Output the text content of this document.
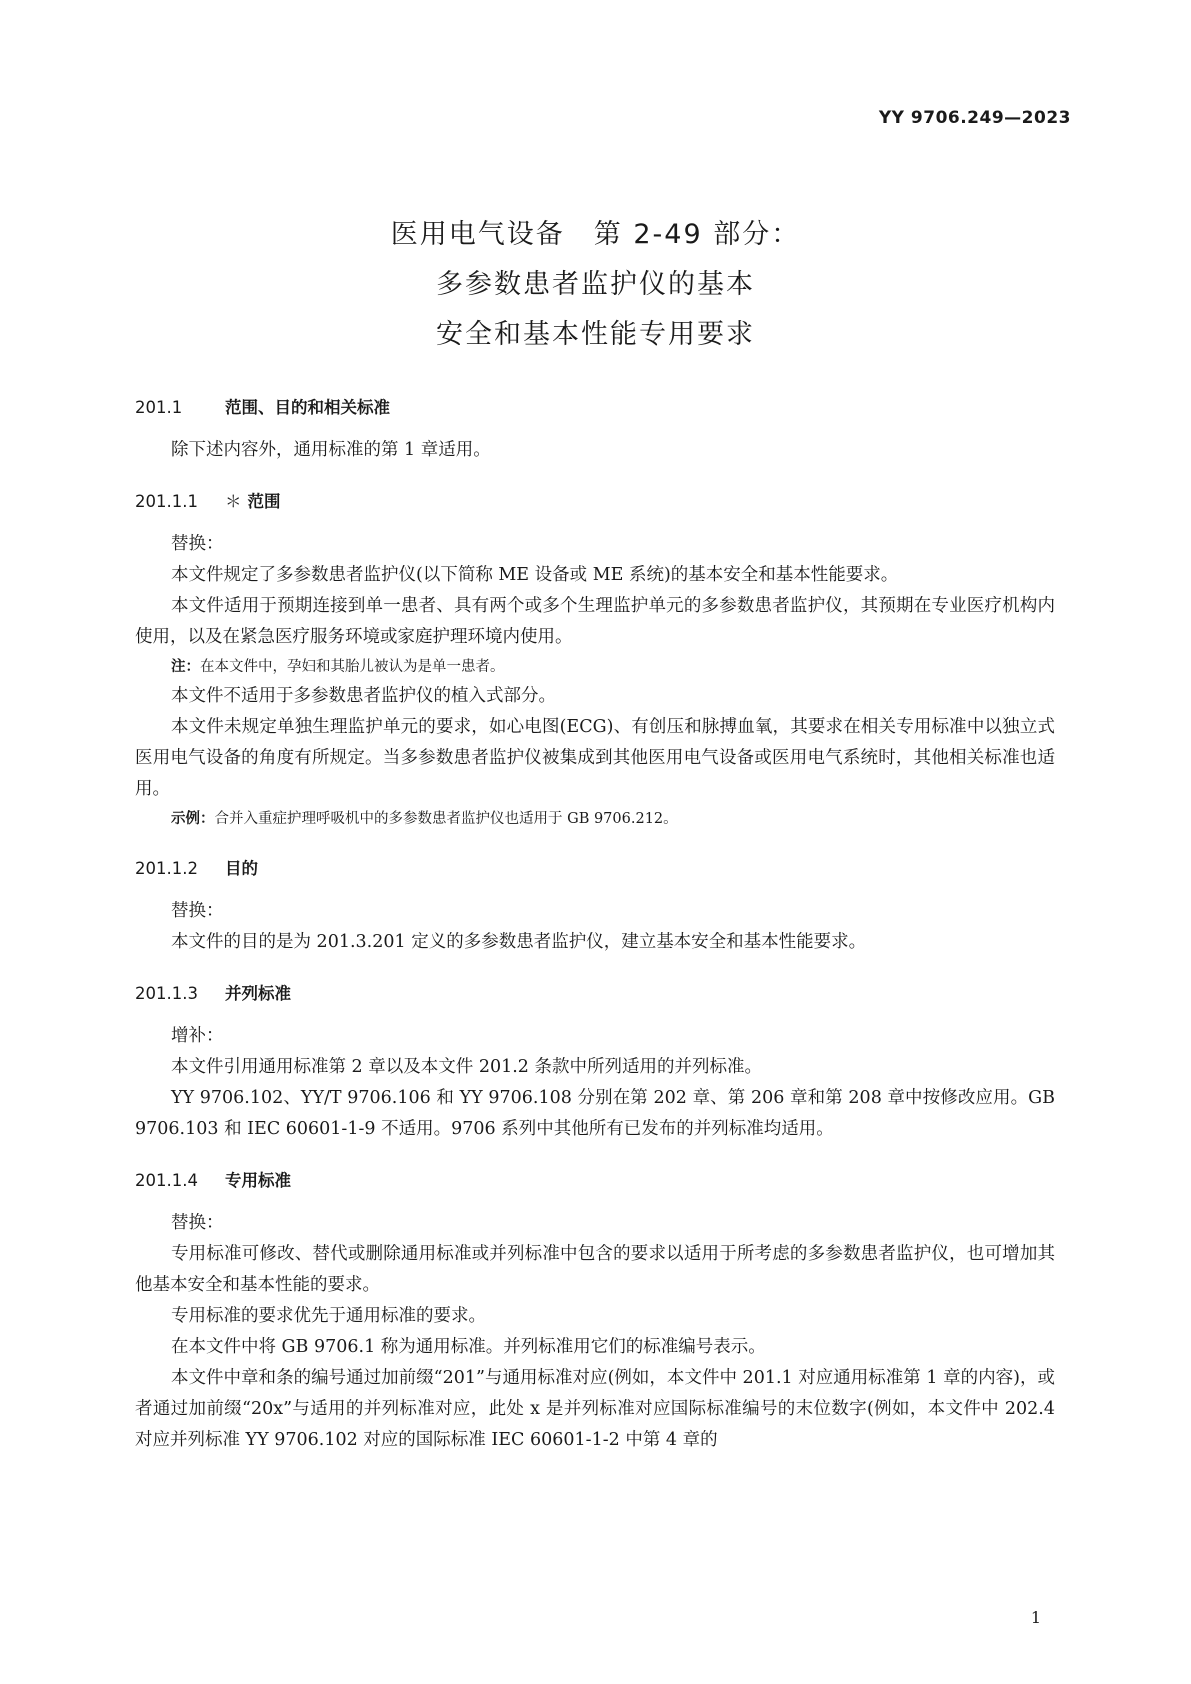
YY 9706.249—2023
医用电气设备　第 2-49 部分：
多参数患者监护仪的基本
安全和基本性能专用要求
201.1	范围、目的和相关标准

除下述内容外，通用标准的第 1 章适用。

201.1.1	＊ 范围

替换：

本文件规定了多参数患者监护仪(以下简称 ME 设备或 ME 系统)的基本安全和基本性能要求。

本文件适用于预期连接到单一患者、具有两个或多个生理监护单元的多参数患者监护仪，其预期在专业医疗机构内使用，以及在紧急医疗服务环境或家庭护理环境内使用。

注：在本文件中，孕妇和其胎儿被认为是单一患者。

本文件不适用于多参数患者监护仪的植入式部分。

本文件未规定单独生理监护单元的要求，如心电图(ECG)、有创压和脉搏血氧，其要求在相关专用标准中以独立式医用电气设备的角度有所规定。当多参数患者监护仪被集成到其他医用电气设备或医用电气系统时，其他相关标准也适用。

示例：合并入重症护理呼吸机中的多参数患者监护仪也适用于 GB 9706.212。
201.1.2	目的

替换：

本文件的目的是为 201.3.201 定义的多参数患者监护仪，建立基本安全和基本性能要求。

201.1.3	并列标准

增补：

本文件引用通用标准第 2 章以及本文件 201.2 条款中所列适用的并列标准。

YY 9706.102、YY/T 9706.106 和 YY 9706.108 分别在第 202 章、第 206 章和第 208 章中按修改应用。GB 9706.103 和 IEC 60601-1-9 不适用。9706 系列中其他所有已发布的并列标准均适用。

201.1.4	专用标准

替换：

专用标准可修改、替代或删除通用标准或并列标准中包含的要求以适用于所考虑的多参数患者监护仪，也可增加其他基本安全和基本性能的要求。

专用标准的要求优先于通用标准的要求。

在本文件中将 GB 9706.1 称为通用标准。并列标准用它们的标准编号表示。

本文件中章和条的编号通过加前缀“201”与通用标准对应(例如，本文件中 201.1 对应通用标准第 1 章的内容)，或者通过加前缀“20x”与适用的并列标准对应，此处 x 是并列标准对应国际标准编号的末位数字(例如，本文件中 202.4 对应并列标准 YY 9706.102 对应的国际标准 IEC 60601-1-2 中第 4 章的

1
